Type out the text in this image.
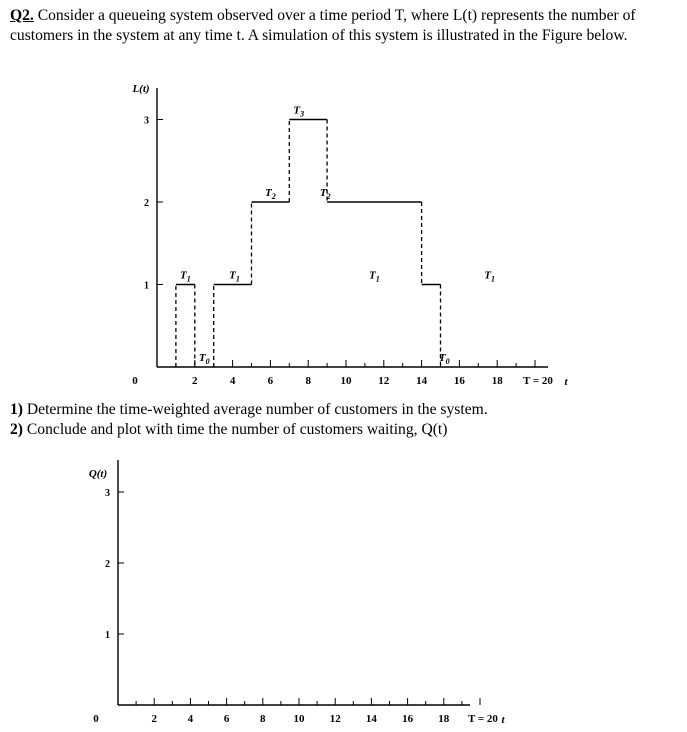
Q2. Consider a queueing system observed over a time period T, where L(t) represents the number of customers in the system at any time t. A simulation of this system is illustrated in the Figure below.
0
1
2
3
2	4	6	8	10 12 14 16 18 T = 20
L(t)
t
$T_1$
$T_0$
$T_1$
$T_2$
$T_3$
$T_2$
$T_1$
$T_0$
$T_1$
0
1
2
3
2	4	6	8	10 12 14 16 18 T = 20
Q(t)
t

1) Determine the time-weighted average number of customers in the system.

2) Conclude and plot with time the number of customers waiting, Q(t)
